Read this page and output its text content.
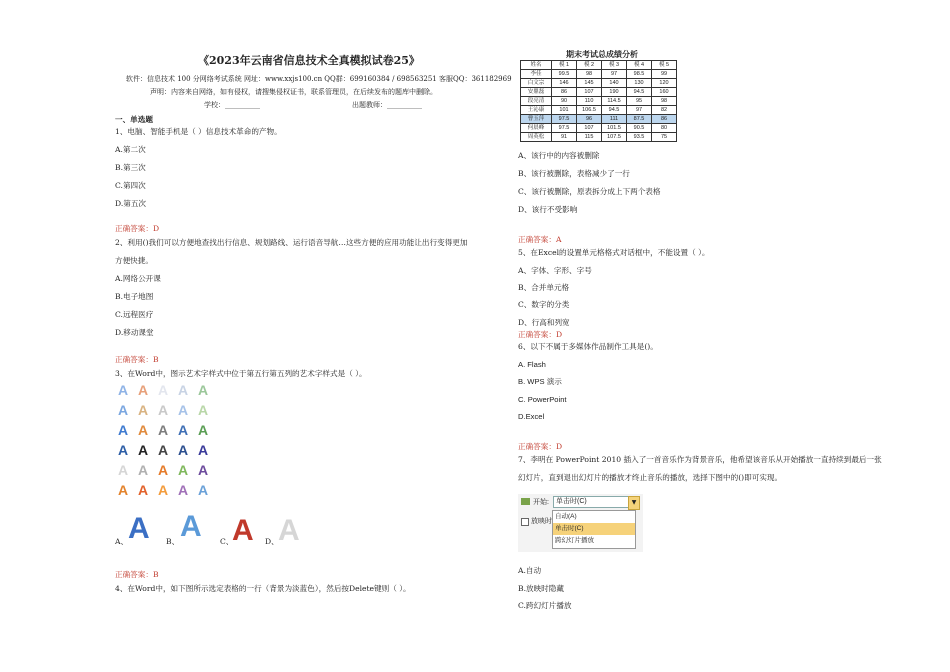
《2023年云南省信息技术全真模拟试卷25》
软件：信息技术 100 分网络考试系统 网址：www.xxjs100.cn QQ群：699160384 / 698563251 客服QQ：361182969
声明：内容来自网络，如有侵权，请搜集侵权证书，联系管理员，在后续发布的题库中删除。
学校：__________	出题教师：__________
一、单选题
1、电脑、智能手机是（ ）信息技术革命的产物。
A.第二次
B.第三次
C.第四次
D.第五次
正确答案：D
2、利用()我们可以方便地查找出行信息、规划路线、运行语音导航…这些方便的应用功能让出行变得更加
方便快捷。
A.网络公开课
B.电子地图
C.远程医疗
D.移动课堂
正确答案：B
3、在Word中，图示艺术字样式中位于第五行第五列的艺术字样式是（ ）。
A A A A A
A A A A A
A A A A A
A A A A A
A A A A A
A A A A A
A、 A B、 A C、
A D、 A
正确答案：B
4、在Word中，如下图所示选定表格的一行（背景为淡蓝色），然后按Delete键则（ ）。
期末考试总成绩分析
姓名	模 1	模 2	模 3	模 4	模 5
李佳	99.5	98	97	98.5	99
白文宗	146	145	140	130	120
安鼎磊	86	107	190	94.5	160
段亮清	90	110	114.5	95	98
王沁康	101	106.5	94.5	97	82
曹玉萍	97.5	96	111	87.5	86
何晨峰	97.5	107	101.5	90.5	80
周英松	91	115	107.5	93.5	75
A、该行中的内容被删除
B、该行被删除，表格减少了一行
C、该行被删除，原表拆分成上下两个表格
D、该行不受影响
正确答案：A
5、在Excel的设置单元格格式对话框中，不能设置（ ）。
A、字体、字形、字号
B、合并单元格
C、数字的分类
D、行高和列宽
正确答案：D
6、以下不属于多媒体作品制作工具是()。
A. Flash
B. WPS 演示
C. PowerPoint
D.Excel
正确答案：D
7、李明在 PowerPoint 2010 插入了一首音乐作为背景音乐，他希望该音乐从开始播放一直持续到最后一张
幻灯片，直到退出幻灯片的播放才终止音乐的播放，选择下图中的()即可实现。
开始:	单击时(C)	▼
放映时
自动(A)
单击时(C)
跨幻灯片播放
A.自动
B.放映时隐藏
C.跨幻灯片播放
